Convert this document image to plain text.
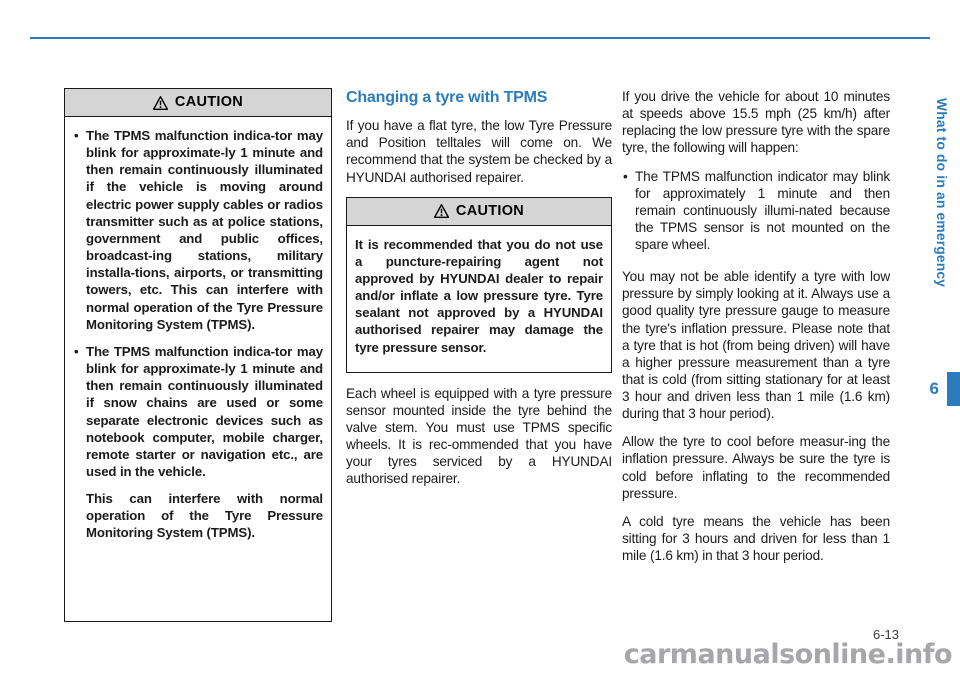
CAUTION
• The TPMS malfunction indica-tor may blink for approximate-ly 1 minute and then remain continuously illuminated if the vehicle is moving around electric power supply cables or radios transmitter such as at police stations, government and public offices, broadcast-ing stations, military installa-tions, airports, or transmitting towers, etc. This can interfere with normal operation of the Tyre Pressure Monitoring System (TPMS).
• The TPMS malfunction indica-tor may blink for approximate-ly 1 minute and then remain continuously illuminated if snow chains are used or some separate electronic devices such as notebook computer, mobile charger, remote starter or navigation etc., are used in the vehicle.

This can interfere with normal operation of the Tyre Pressure Monitoring System (TPMS).

Changing a tyre with TPMS

If you have a flat tyre, the low Tyre Pressure and Position telltales will come on. We recommend that the system be checked by a HYUNDAI authorised repairer.

CAUTION

It is recommended that you do not use a puncture-repairing agent not approved by HYUNDAI dealer to repair and/or inflate a low pressure tyre. Tyre sealant not approved by a HYUNDAI authorised repairer may damage the tyre pressure sensor.

Each wheel is equipped with a tyre pressure sensor mounted inside the tyre behind the valve stem. You must use TPMS specific wheels. It is rec-ommended that you have your tyres serviced by a HYUNDAI authorised repairer.

If you drive the vehicle for about 10 minutes at speeds above 15.5 mph (25 km/h) after replacing the low pressure tyre with the spare tyre, the following will happen:

• The TPMS malfunction indicator may blink for approximately 1 minute and then remain continuously illumi-nated because the TPMS sensor is not mounted on the spare wheel.

You may not be able identify a tyre with low pressure by simply looking at it. Always use a good quality tyre pressure gauge to measure the tyre's inflation pressure. Please note that a tyre that is hot (from being driven) will have a higher pressure measurement than a tyre that is cold (from sitting stationary for at least 3 hour and driven less than 1 mile (1.6 km) during that 3 hour period).

Allow the tyre to cool before measur-ing the inflation pressure. Always be sure the tyre is cold before inflating to the recommended pressure.

A cold tyre means the vehicle has been sitting for 3 hours and driven for less than 1 mile (1.6 km) in that 3 hour period.

What to do in an emergency
6
6-13
carmanualsonline.info
